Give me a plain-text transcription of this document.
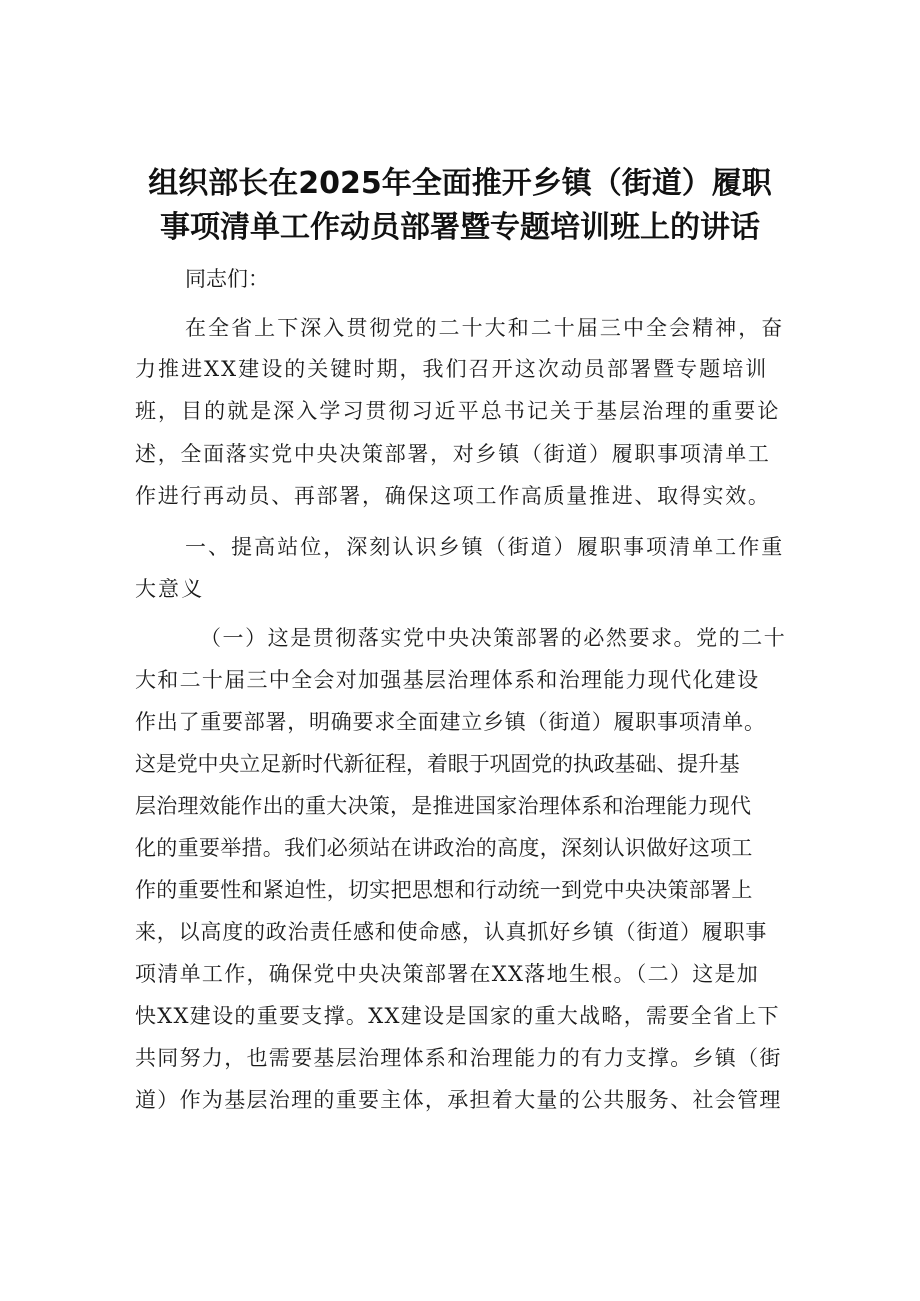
组织部长在2025年全面推开乡镇（街道）履职
事项清单工作动员部署暨专题培训班上的讲话
同志们：
在全省上下深入贯彻党的二十大和二十届三中全会精神，奋
力推进XX建设的关键时期，我们召开这次动员部署暨专题培训
班，目的就是深入学习贯彻习近平总书记关于基层治理的重要论
述，全面落实党中央决策部署，对乡镇（街道）履职事项清单工
作进行再动员、再部署，确保这项工作高质量推进、取得实效。
一、提高站位，深刻认识乡镇（街道）履职事项清单工作重
大意义
（一）这是贯彻落实党中央决策部署的必然要求。党的二十
大和二十届三中全会对加强基层治理体系和治理能力现代化建设
作出了重要部署，明确要求全面建立乡镇（街道）履职事项清单。
这是党中央立足新时代新征程，着眼于巩固党的执政基础、提升基
层治理效能作出的重大决策，是推进国家治理体系和治理能力现代
化的重要举措。我们必须站在讲政治的高度，深刻认识做好这项工
作的重要性和紧迫性，切实把思想和行动统一到党中央决策部署上
来，以高度的政治责任感和使命感，认真抓好乡镇（街道）履职事
项清单工作，确保党中央决策部署在XX落地生根。（二）这是加
快XX建设的重要支撑。XX建设是国家的重大战略，需要全省上下
共同努力，也需要基层治理体系和治理能力的有力支撑。乡镇（街
道）作为基层治理的重要主体，承担着大量的公共服务、社会管理
